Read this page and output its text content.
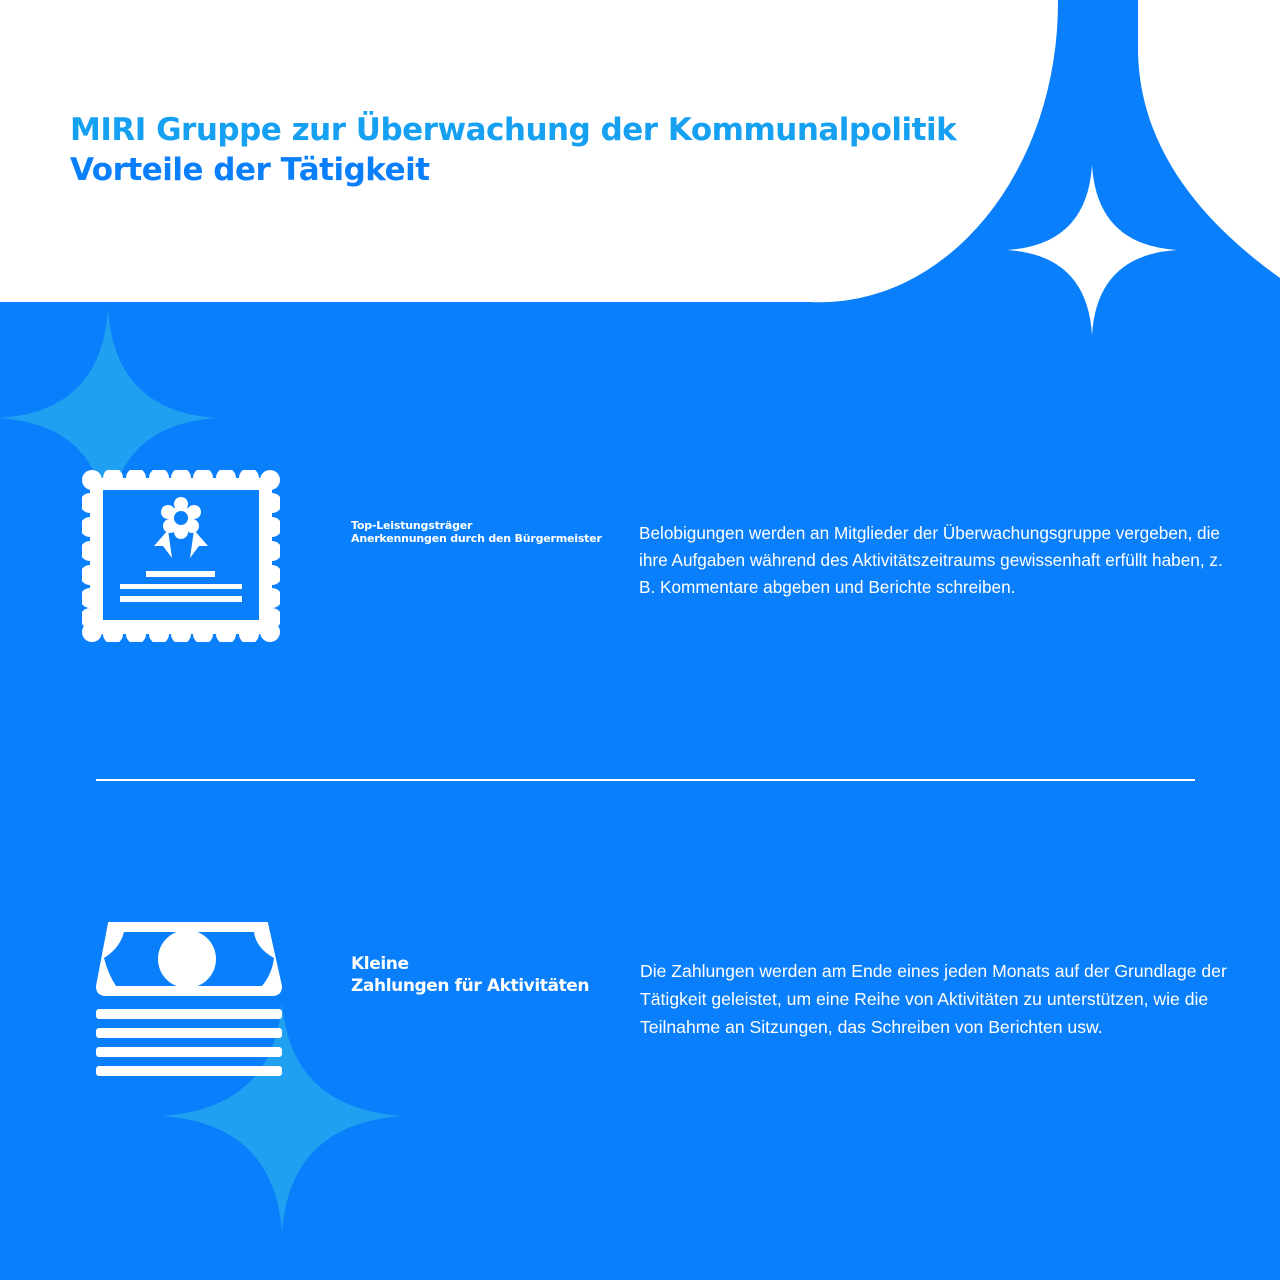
MIRI Gruppe zur Überwachung der Kommunalpolitik
Vorteile der Tätigkeit
Top-Leistungsträger
Anerkennungen durch den Bürgermeister Belobigungen werden an Mitglieder der Überwachungsgruppe vergeben, die ihre Aufgaben während des Aktivitätszeitraums gewissenhaft erfüllt haben, z. B. Kommentare abgeben und Berichte schreiben.

Kleine
Zahlungen für Aktivitäten

Die Zahlungen werden am Ende eines jeden Monats auf der Grundlage der Tätigkeit geleistet, um eine Reihe von Aktivitäten zu unterstützen, wie die Teilnahme an Sitzungen, das Schreiben von Berichten usw.
